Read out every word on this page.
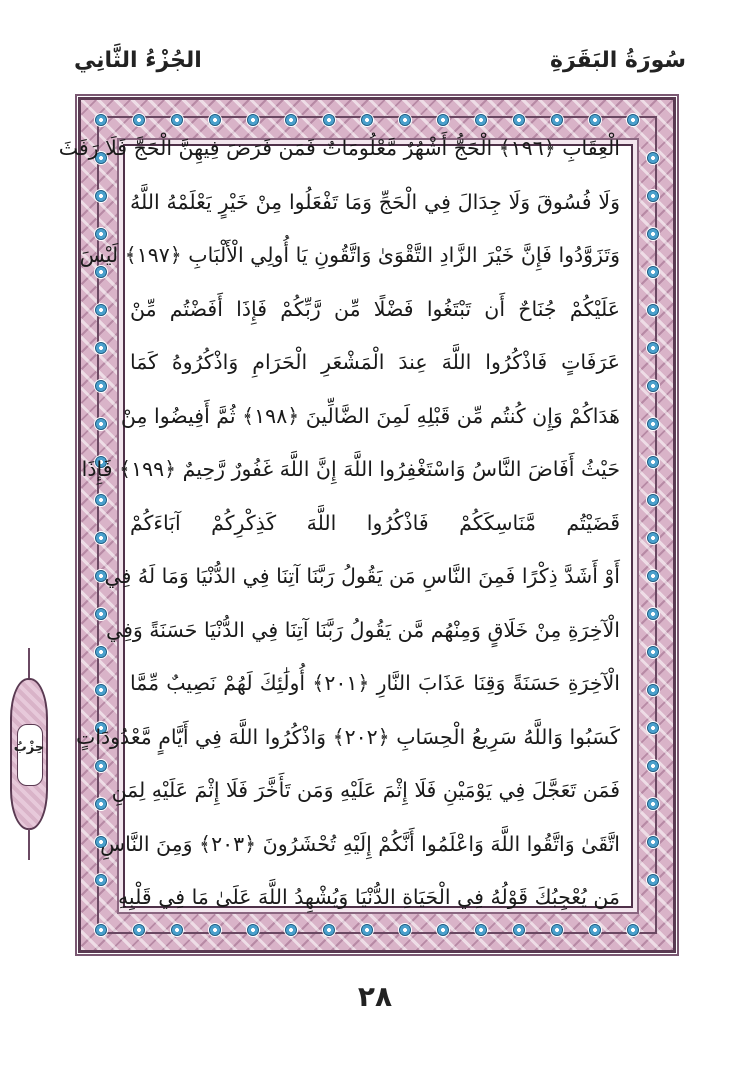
سُورَةُ البَقَرَةِ
الجُزْءُ الثَّانِي
الْعِقَابِ ﴿١٩٦﴾ الْحَجُّ أَشْهُرٌ مَّعْلُومَاتٌ فَمَن فَرَضَ فِيهِنَّ الْحَجَّ فَلَا رَفَثَ
وَلَا فُسُوقَ وَلَا جِدَالَ فِي الْحَجِّ وَمَا تَفْعَلُوا مِنْ خَيْرٍ يَعْلَمْهُ اللَّهُ
وَتَزَوَّدُوا فَإِنَّ خَيْرَ الزَّادِ التَّقْوَىٰ وَاتَّقُونِ يَا أُولِي الْأَلْبَابِ ﴿١٩٧﴾ لَيْسَ
عَلَيْكُمْ جُنَاحٌ أَن تَبْتَغُوا فَضْلًا مِّن رَّبِّكُمْ فَإِذَا أَفَضْتُم مِّنْ
عَرَفَاتٍ فَاذْكُرُوا اللَّهَ عِندَ الْمَشْعَرِ الْحَرَامِ وَاذْكُرُوهُ كَمَا
هَدَاكُمْ وَإِن كُنتُم مِّن قَبْلِهِ لَمِنَ الضَّالِّينَ ﴿١٩٨﴾ ثُمَّ أَفِيضُوا مِنْ
حَيْثُ أَفَاضَ النَّاسُ وَاسْتَغْفِرُوا اللَّهَ إِنَّ اللَّهَ غَفُورٌ رَّحِيمٌ ﴿١٩٩﴾ فَإِذَا
قَضَيْتُم مَّنَاسِكَكُمْ فَاذْكُرُوا اللَّهَ كَذِكْرِكُمْ آبَاءَكُمْ
أَوْ أَشَدَّ ذِكْرًا فَمِنَ النَّاسِ مَن يَقُولُ رَبَّنَا آتِنَا فِي الدُّنْيَا وَمَا لَهُ فِي
الْآخِرَةِ مِنْ خَلَاقٍ وَمِنْهُم مَّن يَقُولُ رَبَّنَا آتِنَا فِي الدُّنْيَا حَسَنَةً وَفِي
الْآخِرَةِ حَسَنَةً وَقِنَا عَذَابَ النَّارِ ﴿٢٠١﴾ أُولَٰئِكَ لَهُمْ نَصِيبٌ مِّمَّا
كَسَبُوا وَاللَّهُ سَرِيعُ الْحِسَابِ ﴿٢٠٢﴾ وَاذْكُرُوا اللَّهَ فِي أَيَّامٍ مَّعْدُودَاتٍ
فَمَن تَعَجَّلَ فِي يَوْمَيْنِ فَلَا إِثْمَ عَلَيْهِ وَمَن تَأَخَّرَ فَلَا إِثْمَ عَلَيْهِ لِمَنِ
اتَّقَىٰ وَاتَّقُوا اللَّهَ وَاعْلَمُوا أَنَّكُمْ إِلَيْهِ تُحْشَرُونَ ﴿٢٠٣﴾ وَمِنَ النَّاسِ
مَن يُعْجِبُكَ قَوْلُهُ فِي الْحَيَاةِ الدُّنْيَا وَيُشْهِدُ اللَّهَ عَلَىٰ مَا فِي قَلْبِهِ
حِزْبُ
٢٨
